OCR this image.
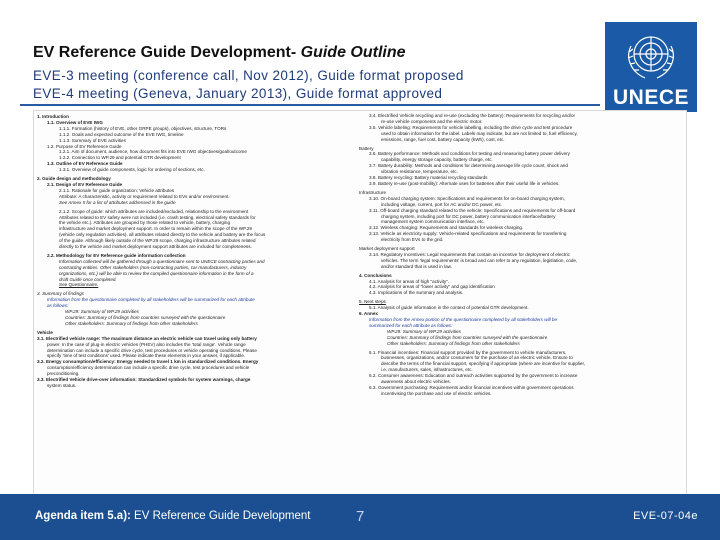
EV Reference Guide Development- Guide Outline
EVE-3 meeting (conference call, Nov 2012), Guide format proposed
EVE-4 meeting (Geneva, January 2013), Guide format approved	UNECE
1. Introduction
1.1. Overview of EVE IWG
1.1.1. Formation (history of EVE, other GRPE groups), objectives, structure, TORs
1.1.2. Goals and expected outcome of the EVE IWG, timeline
1.1.3. Summary of EVE activities
1.2. Purpose of EV Reference Guide
1.2.1. Aim of document, audience, how document fits into EVE IWG objectives/goal/outcome
1.2.2. Connection to WP.29 and potential GTR development
1.3. Outline of EV Reference Guide
1.3.1. Overview of guide components, logic for ordering of sections, etc.
2. Guide design and methodology
2.1. Design of EV Reference Guide
2.1.1. Rationale for guide organization: Vehicle attributes
Attribute: A characteristic, activity or requirement related to EVs and/or environment.
See Annex II for a list of attributes addressed in the guide
2.1.2. Scope of guide: which attributes are included/excluded, relationship to the environment
Attributes related to EV safety were not included (i.e. crash testing, electrical safety standards for
the vehicle etc.). Attributes are grouped by those related to vehicle, battery, charging
infrastructure and market deployment support. In order to remain within the scope of the WP.29
(vehicle only regulation activities), all attributes related directly to the vehicle and battery are the focus
of the guide. Although likely outside of the WP.29 scope, charging infrastructure attributes related
directly to the vehicle and market deployment support attributes are included for completeness.
2.2. Methodology for EV Reference guide information collection
Information collected will be gathered through a questionnaire sent to UNECE contracting parties and
contracting entities. Other stakeholders (non-contracting parties, car manufacturers, industry
organizations, etc.) will be able to review the compiled questionnaire information in the form of a
draft Guide once completed.
See Questionnaire.
3. Summary of findings
Information from the questionnaire completed by all stakeholders will be summarized for each attribute
as follows:
WP.29: Summary of WP.29 activities
Countries: Summary of findings from countries surveyed with the questionnaire
Other stakeholders: Summary of findings from other stakeholders
Vehicle
3.1. Electrified vehicle range: The maximum distance an electric vehicle can travel using only battery
power. In the case of plug-in electric vehicles (PHEV) also includes the 'total range'. Vehicle range
determination can include a specific drive cycle, test procedures or vehicle operating conditions. Please
specify 'time of test conditions' used. Please indicate these elements in your answer, if applicable.
3.2. Energy consumption/efficiency: Energy needed to travel 1 km in standardized conditions. Energy
consumption/efficiency determination can include a specific drive cycle, test procedures and vehicle
preconditioning.
3.3. Electrified Vehicle drive-over information: Standardized symbols for system warnings, charge
system status.
3.4. Electrified Vehicle recycling and re-use (excluding the battery): Requirements for recycling and/or
re-use vehicle components and the electric motor.
3.5. Vehicle labeling: Requirements for vehicle labelling, including the drive cycle and test procedure
used to obtain information for the label. Labels may indicate, but are not limited to, fuel efficiency,
emissions, range, fuel cost, battery capacity (kWh), cost, etc.
Battery
3.6. Battery performance: Methods and conditions for testing and measuring battery power delivery
capability, energy storage capacity, battery charge, etc.
3.7. Battery durability: Methods and conditions for determining average life cycle count, shock and
vibration resistance, temperature, etc.
3.8. Battery recycling: Battery material recycling standards
3.9. Battery re-use (post-mobility): Alternate uses for batteries after their useful life in vehicles.
Infrastructure
3.10. On-board charging system: Specifications and requirements for on-board charging system,
including voltage, current, port for AC and/or DC power, etc.
3.11. Off-board charging standard related to the vehicle: Specifications and requirements for off-board
charging system, including port for DC power, battery communication interface/battery
management system communication interface, etc.
3.12. Wireless charging: Requirements and standards for wireless charging.
3.13. Vehicle as electricity supply: Vehicle-related specifications and requirements for transferring
electricity from EVs to the grid.
Market deployment support
3.14. Regulatory Incentives: Legal requirements that contain an incentive for deployment of electric
vehicles. The term 'legal requirements' is broad and can refer to any regulation, legislation, code,
and/or standard that is used in law.
4. Conclusions
4.1. Analysis for areas of high "activity".
4.2. Analysis for areas of "lower activity" and gap identification
4.3. Implications of the summary and analysis.
5. Next steps
5.1. Analysis of guide information in the context of potential GTR development.
6. Annex
Information from the Annex portion of the questionnaire completed by all stakeholders will be
summarized for each attribute as follows:
WP.29: Summary of WP.29 activities
Countries: Summary of findings from countries surveyed with the questionnaire
Other stakeholders: Summary of findings from other stakeholders
6.1. Financial incentives: Financial support provided by the government to vehicle manufacturers,
businesses, organizations, and/or consumers for the purchase of an electric vehicle. Ensure to
describe the terms of the financial support, specifying if appropriate (where are incentive for supplier,
i.e. manufacturers, sales, infrastructures, etc.
6.2. Consumer awareness: Education and outreach activities supported by the government to increase
awareness about electric vehicles.
6.3. Government purchasing: Requirements and/or financial incentives within government operations
incentivising the purchase and use of electric vehicles.
Agenda item 5.a): EV Reference Guide Development	7	EVE-07-04e
